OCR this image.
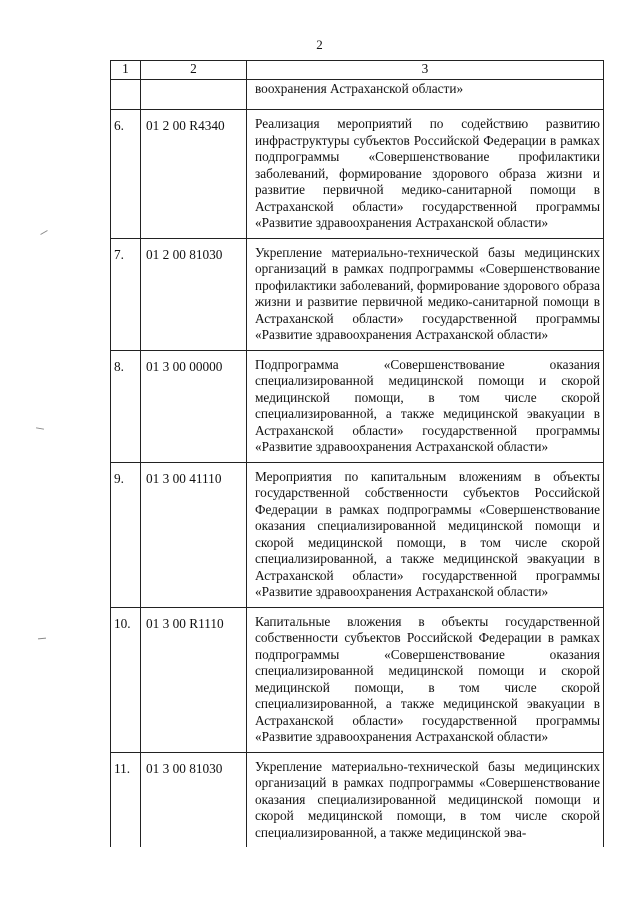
2
1	2	3
		воохранения Астраханской области»
6.	01 2 00 R4340	Реализация мероприятий по содействию развитию инфраструктуры субъектов Российской Федерации в рамках подпрограммы «Совершенствование профилактики заболеваний, формирование здорового образа жизни и развитие первичной медико-санитарной помощи в Астраханской области» государственной программы «Развитие здравоохранения Астраханской области»
7.	01 2 00 81030	Укрепление материально-технической базы медицинских организаций в рамках подпрограммы «Совершенствование профилактики заболеваний, формирование здорового образа жизни и развитие первичной медико-санитарной помощи в Астраханской области» государственной программы «Развитие здравоохранения Астраханской области»
8.	01 3 00 00000	Подпрограмма «Совершенствование оказания специализированной медицинской помощи и скорой медицинской помощи, в том числе скорой специализированной, а также медицинской эвакуации в Астраханской области» государственной программы «Развитие здравоохранения Астраханской области»
9.	01 3 00 41110	Мероприятия по капитальным вложениям в объекты государственной собственности субъектов Российской Федерации в рамках подпрограммы «Совершенствование оказания специализированной медицинской помощи и скорой медицинской помощи, в том числе скорой специализированной, а также медицинской эвакуации в Астраханской области» государственной программы «Развитие здравоохранения Астраханской области»
10.	01 3 00 R1110	Капитальные вложения в объекты государственной собственности субъектов Российской Федерации в рамках подпрограммы «Совершенствование оказания специализированной медицинской помощи и скорой медицинской помощи, в том числе скорой специализированной, а также медицинской эвакуации в Астраханской области» государственной программы «Развитие здравоохранения Астраханской области»
11.	01 3 00 81030	Укрепление материально-технической базы медицинских организаций в рамках подпрограммы «Совершенствование оказания специализированной медицинской помощи и скорой медицинской помощи, в том числе скорой специализированной, а также медицинской эва-
